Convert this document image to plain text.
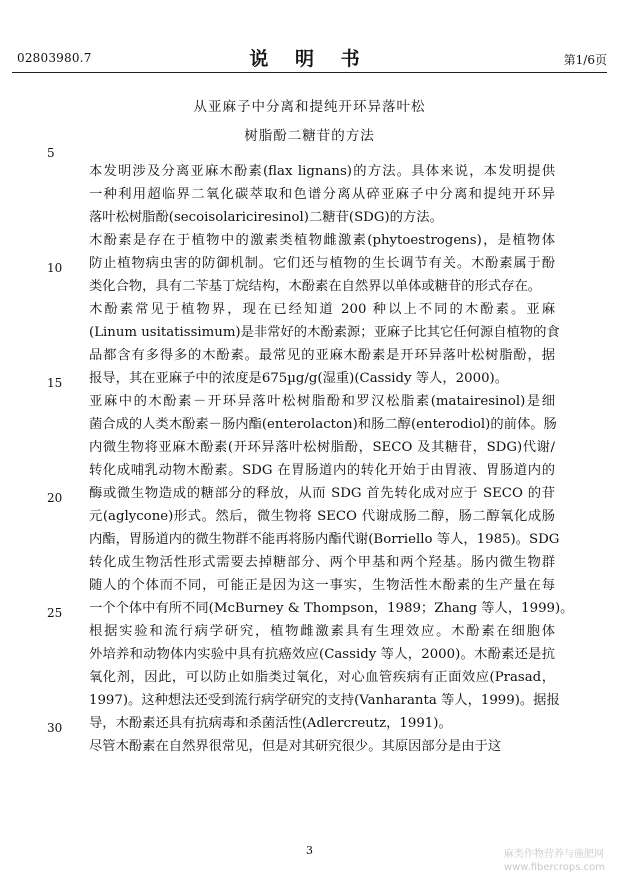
02803980.7	说 明 书	第1/6页
从亚麻子中分离和提纯开环异落叶松
树脂酚二糖苷的方法
5
10
15
20
25
30
本发明涉及分离亚麻木酚素(flax lignans)的方法。具体来说，本发明提供
一种利用超临界二氧化碳萃取和色谱分离从碎亚麻子中分离和提纯开环异
落叶松树脂酚(secoisolariciresinol)二糖苷(SDG)的方法。
木酚素是存在于植物中的激素类植物雌激素(phytoestrogens)，是植物体
防止植物病虫害的防御机制。它们还与植物的生长调节有关。木酚素属于酚
类化合物，具有二苄基丁烷结构，木酚素在自然界以单体或糖苷的形式存在。
木酚素常见于植物界，现在已经知道 200 种以上不同的木酚素。亚麻
(Linum usitatissimum)是非常好的木酚素源；亚麻子比其它任何源自植物的食
品都含有多得多的木酚素。最常见的亚麻木酚素是开环异落叶松树脂酚，据
报导，其在亚麻子中的浓度是675µg/g(湿重)(Cassidy 等人，2000)。
亚麻中的木酚素－开环异落叶松树脂酚和罗汉松脂素(matairesinol)是细
菌合成的人类木酚素－肠内酯(enterolacton)和肠二醇(enterodiol)的前体。肠
内微生物将亚麻木酚素(开环异落叶松树脂酚，SECO 及其糖苷，SDG)代谢/
转化成哺乳动物木酚素。SDG 在胃肠道内的转化开始于由胃液、胃肠道内的
酶或微生物造成的糖部分的释放，从而 SDG 首先转化成对应于 SECO 的苷
元(aglycone)形式。然后，微生物将 SECO 代谢成肠二醇，肠二醇氧化成肠
内酯，胃肠道内的微生物群不能再将肠内酯代谢(Borriello 等人，1985)。SDG
转化成生物活性形式需要去掉糖部分、两个甲基和两个羟基。肠内微生物群
随人的个体而不同，可能正是因为这一事实，生物活性木酚素的生产量在每
一个个体中有所不同(McBurney & Thompson，1989；Zhang 等人，1999)。
根据实验和流行病学研究，植物雌激素具有生理效应。木酚素在细胞体
外培养和动物体内实验中具有抗癌效应(Cassidy 等人，2000)。木酚素还是抗
氧化剂，因此，可以防止如脂类过氧化，对心血管疾病有正面效应(Prasad，
1997)。这种想法还受到流行病学研究的支持(Vanharanta 等人，1999)。据报
导，木酚素还具有抗病毒和杀菌活性(Adlercreutz，1991)。
尽管木酚素在自然界很常见，但是对其研究很少。其原因部分是由于这
3	麻类作物营养与施肥网
www.fibercrops.com
